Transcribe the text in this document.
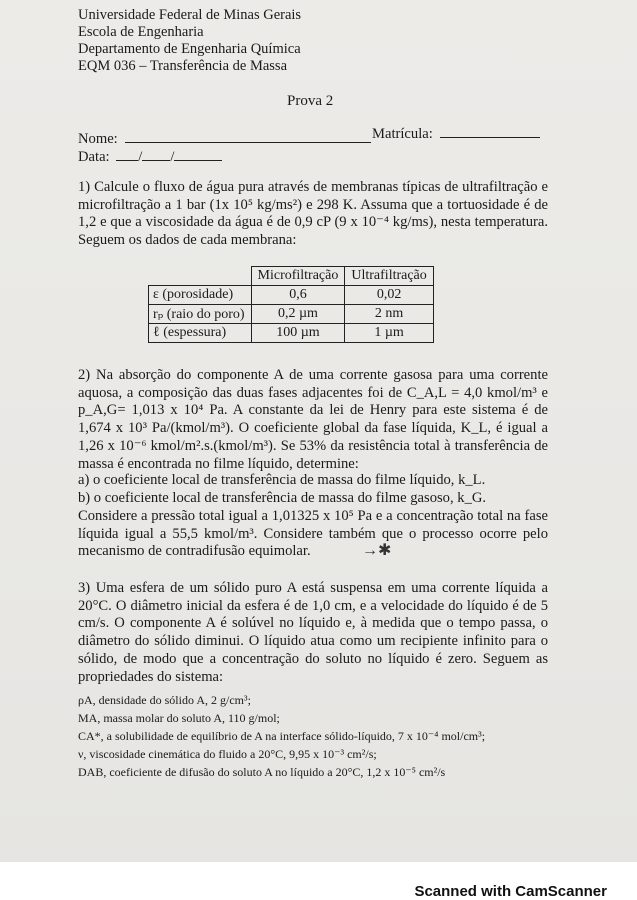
Universidade Federal de Minas Gerais
Escola de Engenharia
Departamento de Engenharia Química
EQM 036 – Transferência de Massa
Prova 2
Nome:	Matrícula:
Data: / /
1) Calcule o fluxo de água pura através de membranas típicas de ultrafiltração e microfiltração a 1 bar (1x 10⁵ kg/ms²) e 298 K. Assuma que a tortuosidade é de 1,2 e que a viscosidade da água é de 0,9 cP (9 x 10⁻⁴ kg/ms), nesta temperatura. Seguem os dados de cada membrana:
	Microfiltração	Ultrafiltração
ε (porosidade)	0,6	0,02
rₚ (raio do poro)	0,2 µm	2 nm
ℓ (espessura)	100 µm	1 µm
2) Na absorção do componente A de uma corrente gasosa para uma corrente aquosa, a composição das duas fases adjacentes foi de C_A,L = 4,0 kmol/m³ e p_A,G= 1,013 x 10⁴ Pa. A constante da lei de Henry para este sistema é de 1,674 x 10³ Pa/(kmol/m³). O coeficiente global da fase líquida, K_L, é igual a 1,26 x 10⁻⁶ kmol/m².s.(kmol/m³). Se 53% da resistência total à transferência de massa é encontrada no filme líquido, determine:
a) o coeficiente local de transferência de massa do filme líquido, k_L.
b) o coeficiente local de transferência de massa do filme gasoso, k_G.
Considere a pressão total igual a 1,01325 x 10⁵ Pa e a concentração total na fase líquida igual a 55,5 kmol/m³. Considere também que o processo ocorre pelo mecanismo de contradifusão equimolar.	→✱
3) Uma esfera de um sólido puro A está suspensa em uma corrente líquida a 20°C. O diâmetro inicial da esfera é de 1,0 cm, e a velocidade do líquido é de 5 cm/s. O componente A é solúvel no líquido e, à medida que o tempo passa, o diâmetro do sólido diminui. O líquido atua como um recipiente infinito para o sólido, de modo que a concentração do soluto no líquido é zero. Seguem as propriedades do sistema:
ρA, densidade do sólido A, 2 g/cm³;
MA, massa molar do soluto A, 110 g/mol;
CA*, a solubilidade de equilíbrio de A na interface sólido-líquido, 7 x 10⁻⁴ mol/cm³;
ν, viscosidade cinemática do fluido a 20°C, 9,95 x 10⁻³ cm²/s;
DAB, coeficiente de difusão do soluto A no líquido a 20°C, 1,2 x 10⁻⁵ cm²/s
Scanned with CamScanner
